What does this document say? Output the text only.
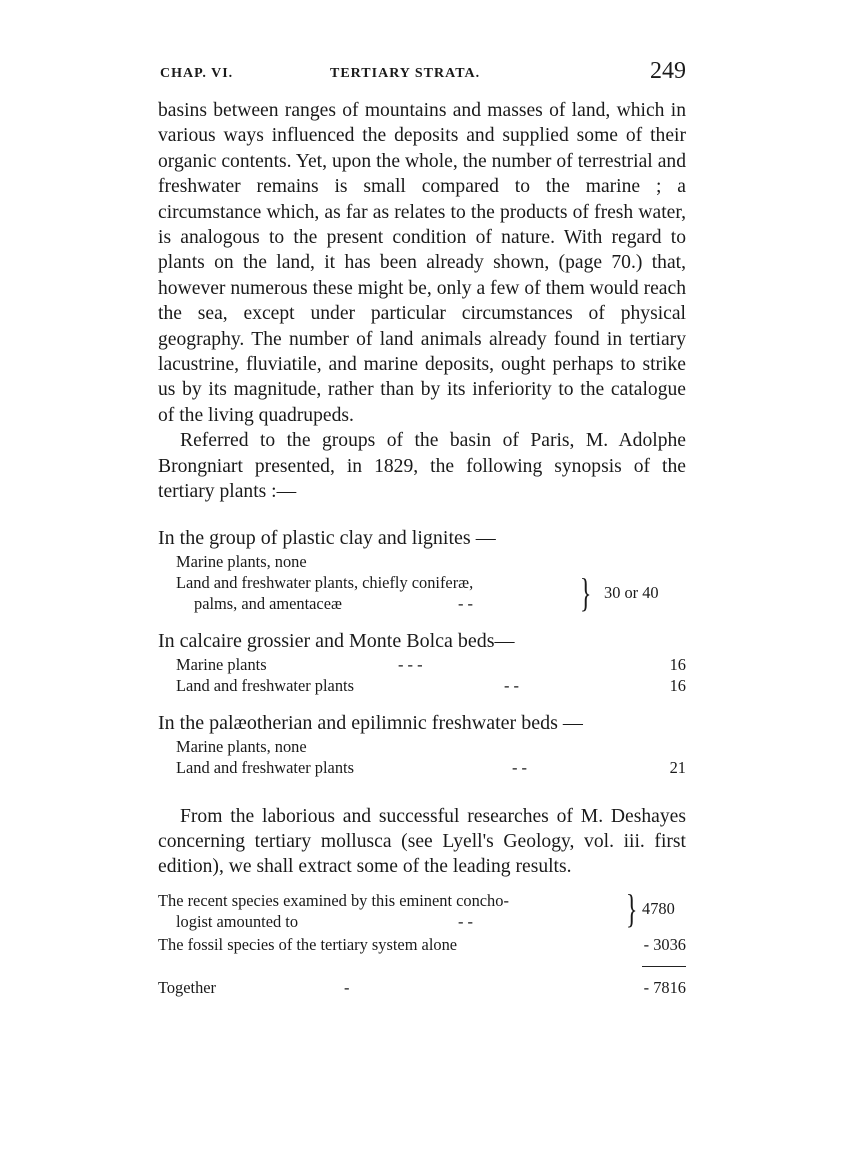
CHAP. VI.	TERTIARY STRATA.	249

basins between ranges of mountains and masses of land, which in various ways influenced the deposits and supplied some of their organic contents. Yet, upon the whole, the number of terrestrial and freshwater remains is small compared to the marine ; a circumstance which, as far as relates to the products of fresh water, is analogous to the present condition of nature. With regard to plants on the land, it has been already shown, (page 70.) that, however numerous these might be, only a few of them would reach the sea, except under particular circumstances of physical geography. The number of land animals already found in tertiary lacustrine, fluviatile, and marine deposits, ought perhaps to strike us by its magnitude, rather than by its inferiority to the catalogue of the living quadrupeds.

Referred to the groups of the basin of Paris, M. Adolphe Brongniart presented, in 1829, the following synopsis of the tertiary plants :—

In the group of plastic clay and lignites —
Marine plants, none
Land and freshwater plants, chiefly coniferæ,
palms, and amentaceæ	- -	} 30 or 40
In calcaire grossier and Monte Bolca beds—
Marine plants	- - -	16
Land and freshwater plants	- -	16
In the palæotherian and epilimnic freshwater beds —
Marine plants, none
Land and freshwater plants	- -	21
From the laborious and successful researches of M. Deshayes concerning tertiary mollusca (see Lyell's Geology, vol. iii. first edition), we shall extract some of the leading results.
The recent species examined by this eminent concho-
logist amounted to	- -	} 4780
The fossil species of the tertiary system alone	- 3036
Together	-	- 7816
